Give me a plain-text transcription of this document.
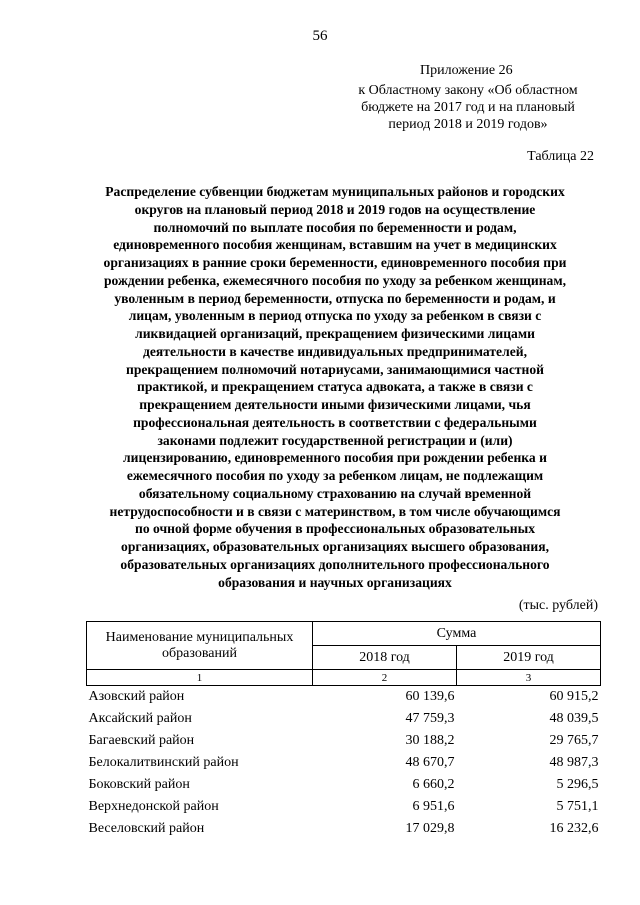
56
Приложение 26
к Областному закону «Об областном
бюджете на 2017 год и на плановый
период 2018 и 2019 годов»
Таблица 22
Распределение субвенции бюджетам муниципальных районов и городских
округов на плановый период 2018 и 2019 годов на осуществление
полномочий по выплате пособия по беременности и родам,
единовременного пособия женщинам, вставшим на учет в медицинских
организациях в ранние сроки беременности, единовременного пособия при
рождении ребенка, ежемесячного пособия по уходу за ребенком женщинам,
уволенным в период беременности, отпуска по беременности и родам, и
лицам, уволенным в период отпуска по уходу за ребенком в связи с
ликвидацией организаций, прекращением физическими лицами
деятельности в качестве индивидуальных предпринимателей,
прекращением полномочий нотариусами, занимающимися частной
практикой, и прекращением статуса адвоката, а также в связи с
прекращением деятельности иными физическими лицами, чья
профессиональная деятельность в соответствии с федеральными
законами подлежит государственной регистрации и (или)
лицензированию, единовременного пособия при рождении ребенка и
ежемесячного пособия по уходу за ребенком лицам, не подлежащим
обязательному социальному страхованию на случай временной
нетрудоспособности и в связи с материнством, в том числе обучающимся
по очной форме обучения в профессиональных образовательных
организациях, образовательных организациях высшего образования,
образовательных организациях дополнительного профессионального
образования и научных организациях
(тыс. рублей)
Наименование муниципальных
образований	Сумма	
	2018 год	2019 год
1	2	3
Азовский район	60 139,6	60 915,2
Аксайский район	47 759,3	48 039,5
Багаевский район	30 188,2	29 765,7
Белокалитвинский район	48 670,7	48 987,3
Боковский район	6 660,2	5 296,5
Верхнедонской район	6 951,6	5 751,1
Веселовский район	17 029,8	16 232,6
